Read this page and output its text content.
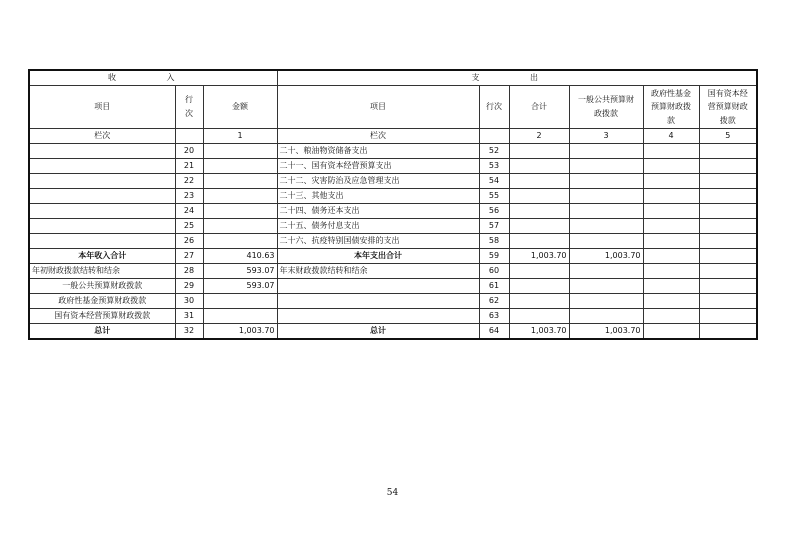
收 入			支 出					
项目	行次	金额	项目	行次	合计	一般公共预算财政拨款	政府性基金预算财政拨款	国有资本经营预算财政拨款

栏次		1	栏次		2	3	4	5
	20		二十、粮油物资储备支出	52				
	21		二十一、国有资本经营预算支出	53				
	22		二十二、灾害防治及应急管理支出	54				
	23		二十三、其他支出	55				
	24		二十四、债务还本支出	56				
	25		二十五、债务付息支出	57				
	26		二十六、抗疫特别国债安排的支出	58				
本年收入合计	27	410.63	本年支出合计	59	1,003.70	1,003.70		
年初财政拨款结转和结余	28	593.07	年末财政拨款结转和结余	60				
一般公共预算财政拨款	29	593.07		61				
政府性基金预算财政拨款	30			62				
国有资本经营预算财政拨款	31			63				
总计	32	1,003.70	总计	64	1,003.70	1,003.70		
54
